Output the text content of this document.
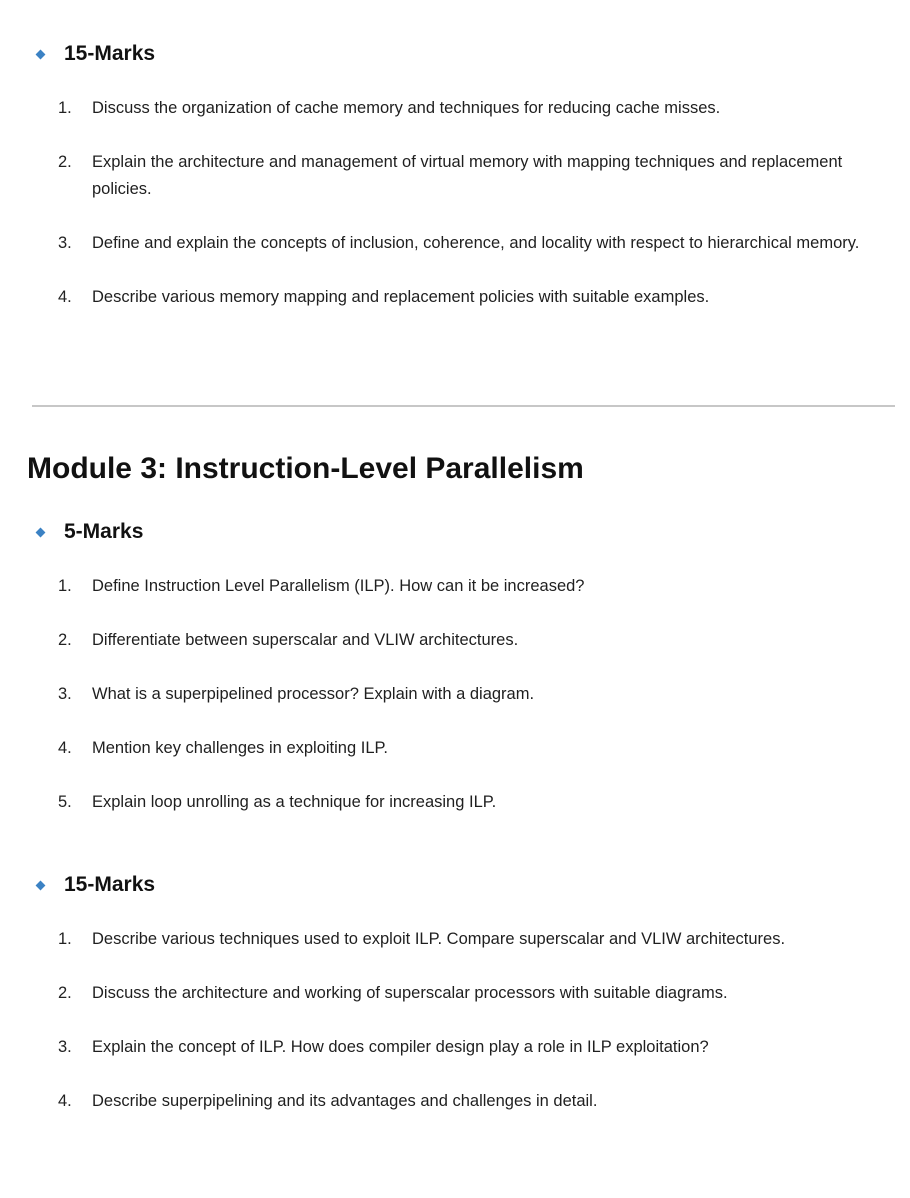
15-Marks
1.	Discuss the organization of cache memory and techniques for reducing cache misses.
2.	Explain the architecture and management of virtual memory with mapping techniques and replacement policies.
3.	Define and explain the concepts of inclusion, coherence, and locality with respect to hierarchical memory.
4.	Describe various memory mapping and replacement policies with suitable examples.
Module 3: Instruction-Level Parallelism
5-Marks
1.	Define Instruction Level Parallelism (ILP). How can it be increased?
2.	Differentiate between superscalar and VLIW architectures.
3.	What is a superpipelined processor? Explain with a diagram.
4.	Mention key challenges in exploiting ILP.
5.	Explain loop unrolling as a technique for increasing ILP.
15-Marks
1.	Describe various techniques used to exploit ILP. Compare superscalar and VLIW architectures.
2.	Discuss the architecture and working of superscalar processors with suitable diagrams.
3.	Explain the concept of ILP. How does compiler design play a role in ILP exploitation?
4.	Describe superpipelining and its advantages and challenges in detail.
